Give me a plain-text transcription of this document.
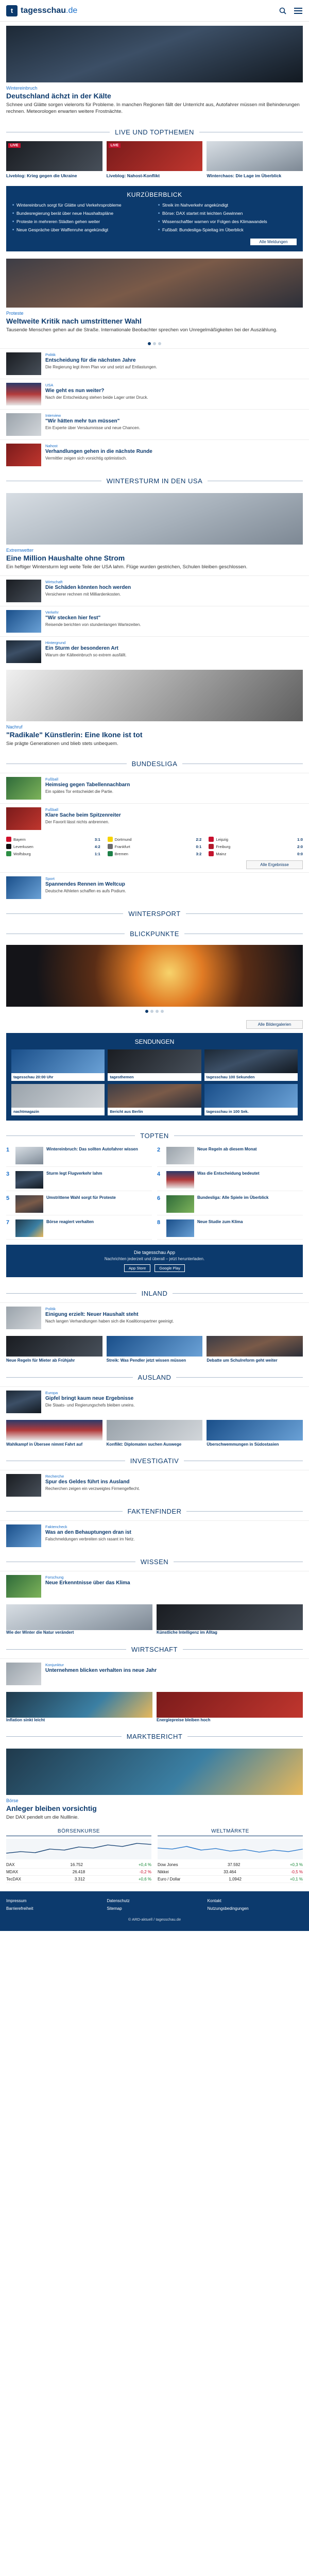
t tagesschau.de
Wintereinbruch
Deutschland ächzt in der Kälte
Schnee und Glätte sorgen vielerorts für Probleme. In manchen Regionen fällt der Unterricht aus, Autofahrer müssen mit Behinderungen rechnen. Meteorologen erwarten weitere Frostnächte.
LIVE UND TOPTHEMEN
LIVE
Liveblog: Krieg gegen die Ukraine
LIVE
Liveblog: Nahost-Konflikt	Winterchaos: Die Lage im Überblick
KURZÜBERBLICK
■ Wintereinbruch sorgt für Glätte und Verkehrsprobleme
■ Bundesregierung berät über neue Haushaltspläne
■ Proteste in mehreren Städten gehen weiter
■ Neue Gespräche über Waffenruhe angekündigt
■ Streik im Nahverkehr angekündigt
■ Börse: DAX startet mit leichten Gewinnen
■ Wissenschaftler warnen vor Folgen des Klimawandels
■ Fußball: Bundesliga-Spieltag im Überblick
Alle Meldungen
Proteste
Weltweite Kritik nach umstrittener Wahl
Tausende Menschen gehen auf die Straße. Internationale Beobachter sprechen von Unregelmäßigkeiten bei der Auszählung.
Politik
Entscheidung für die nächsten Jahre
Die Regierung legt ihren Plan vor und setzt auf Entlastungen.
USA
Wie geht es nun weiter?
Nach der Entscheidung stehen beide Lager unter Druck.
Interview
"Wir hätten mehr tun müssen"
Ein Experte über Versäumnisse und neue Chancen.
Nahost
Verhandlungen gehen in die nächste Runde
Vermittler zeigen sich vorsichtig optimistisch.
WINTERSTURM IN DEN USA
Extremwetter
Eine Million Haushalte ohne Strom
Ein heftiger Wintersturm legt weite Teile der USA lahm. Flüge wurden gestrichen, Schulen bleiben geschlossen.
Wirtschaft
Die Schäden könnten hoch werden
Versicherer rechnen mit Milliardenkosten.
Verkehr
"Wir stecken hier fest"
Reisende berichten von stundenlangen Wartezeiten.
Hintergrund
Ein Sturm der besonderen Art
Warum der Kälteeinbruch so extrem ausfällt.
Nachruf
"Radikale" Künstlerin: Eine Ikone ist tot
Sie prägte Generationen und blieb stets unbequem.
BUNDESLIGA
Fußball
Heimsieg gegen Tabellennachbarn
Ein spätes Tor entscheidet die Partie.
Fußball
Klare Sache beim Spitzenreiter
Der Favorit lässt nichts anbrennen.
Bayern	3:1	Dortmund	2:2	Leipzig	1:0
Leverkusen	4:2	Frankfurt	0:1	Freiburg	2:0
Wolfsburg	1:1	Bremen	3:2	Mainz	0:0
Alle Ergebnisse
Sport
Spannendes Rennen im Weltcup
Deutsche Athleten schaffen es aufs Podium.
WINTERSPORT
BLICKPUNKTE
Alle Bildergalerien
SENDUNGEN
tagesschau 20:00 Uhr	tagesthemen	tagesschau 100 Sekunden
nachtmagazin	Bericht aus Berlin	tagesschau in 100 Sek.
TOPTEN
1	Wintereinbruch: Das sollten Autofahrer wissen	2	Neue Regeln ab diesem Monat
3	Sturm legt Flugverkehr lahm	4	Was die Entscheidung bedeutet
5	Umstrittene Wahl sorgt für Proteste	6	Bundesliga: Alle Spiele im Überblick
7	Börse reagiert verhalten	8	Neue Studie zum Klima
Die tagesschau App
Nachrichten jederzeit und überall – jetzt herunterladen.
App Store	Google Play
INLAND
Politik
Einigung erzielt: Neuer Haushalt steht
Nach langen Verhandlungen haben sich die Koalitionspartner geeinigt.
Neue Regeln für Mieter ab Frühjahr	Streik: Was Pendler jetzt wissen müssen	Debatte um Schulreform geht weiter
AUSLAND
Europa
Gipfel bringt kaum neue Ergebnisse
Die Staats- und Regierungschefs bleiben uneins.
Wahlkampf in Übersee nimmt Fahrt auf	Konflikt: Diplomaten suchen Auswege	Überschwemmungen in Südostasien
INVESTIGATIV
Recherche
Spur des Geldes führt ins Ausland
Recherchen zeigen ein verzweigtes Firmengeflecht.
FAKTENFINDER
Faktencheck
Was an den Behauptungen dran ist
Falschmeldungen verbreiten sich rasant im Netz.
WISSEN
Forschung
Neue Erkenntnisse über das Klima
Wie der Winter die Natur verändert	Künstliche Intelligenz im Alltag
WIRTSCHAFT
Konjunktur
Unternehmen blicken verhalten ins neue Jahr
Inflation sinkt leicht	Energiepreise bleiben hoch
MARKTBERICHT
Börse
Anleger bleiben vorsichtig
Der DAX pendelt um die Nulllinie.
BÖRSENKURSE
DAX	16.752	+0,4 %
MDAX	26.418	-0,2 %
TecDAX	3.312	+0,6 %
WELTMÄRKTE
Dow Jones	37.592	+0,3 %
Nikkei	33.464	-0,5 %
Euro / Dollar	1,0942	+0,1 %
Impressum	Datenschutz	Kontakt
Barrierefreiheit	Sitemap	Nutzungsbedingungen
© ARD-aktuell / tagesschau.de
